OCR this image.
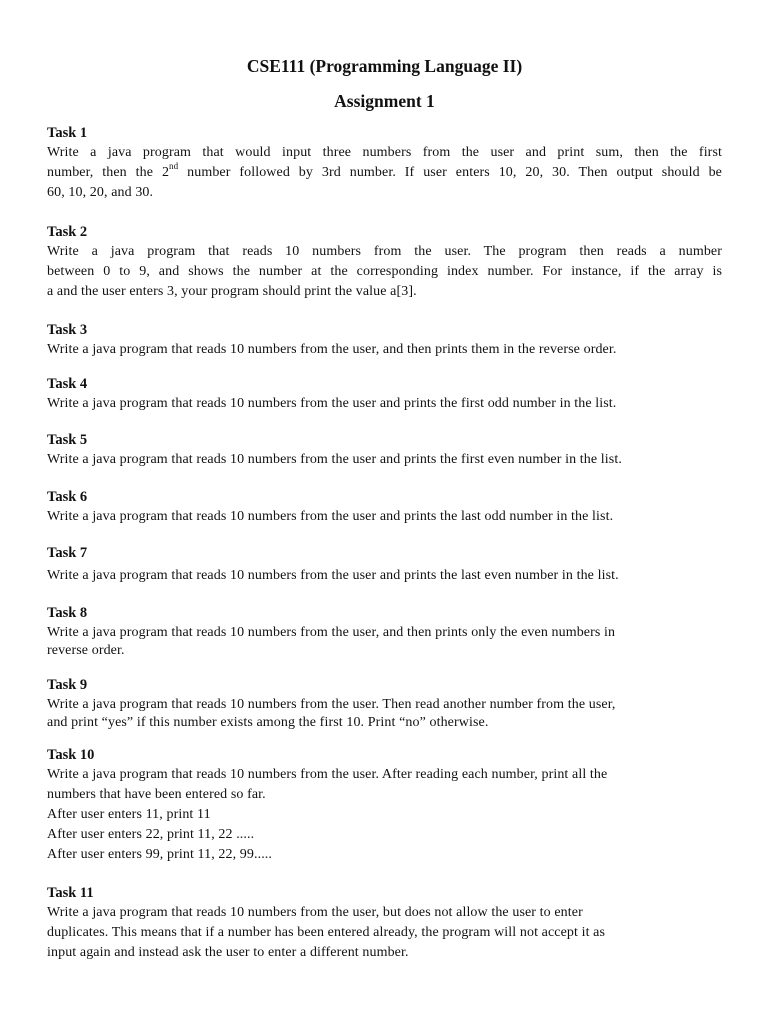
CSE111 (Programming Language II)
Assignment 1
Task 1
Write a java program that would input three numbers from the user and print sum, then the first
number, then the 2nd number followed by 3rd number. If user enters 10, 20, 30. Then output should be
60, 10, 20, and 30.
Task 2
Write a java program that reads 10 numbers from the user. The program then reads a number
between 0 to 9, and shows the number at the corresponding index number. For instance, if the array is
a and the user enters 3, your program should print the value a[3].
Task 3
Write a java program that reads 10 numbers from the user, and then prints them in the reverse order.
Task 4
Write a java program that reads 10 numbers from the user and prints the first odd number in the list.
Task 5
Write a java program that reads 10 numbers from the user and prints the first even number in the list.
Task 6
Write a java program that reads 10 numbers from the user and prints the last odd number in the list.
Task 7
Write a java program that reads 10 numbers from the user and prints the last even number in the list.
Task 8
Write a java program that reads 10 numbers from the user, and then prints only the even numbers in
reverse order.
Task 9
Write a java program that reads 10 numbers from the user. Then read another number from the user,
and print “yes” if this number exists among the first 10. Print “no” otherwise.
Task 10
Write a java program that reads 10 numbers from the user. After reading each number, print all the
numbers that have been entered so far.
After user enters 11, print 11
After user enters 22, print 11, 22 .....
After user enters 99, print 11, 22, 99.....
Task 11
Write a java program that reads 10 numbers from the user, but does not allow the user to enter
duplicates. This means that if a number has been entered already, the program will not accept it as
input again and instead ask the user to enter a different number.
